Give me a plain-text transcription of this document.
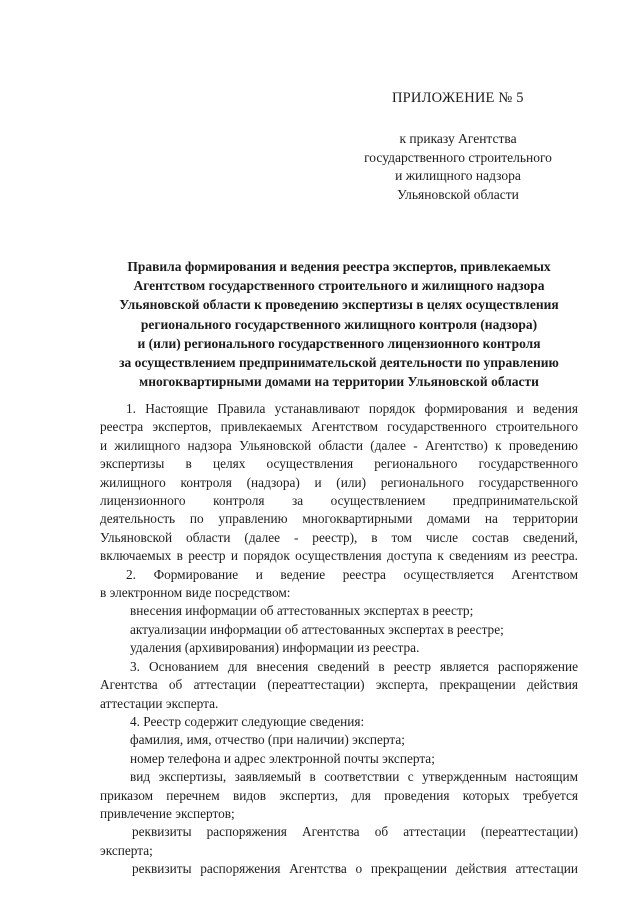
ПРИЛОЖЕНИЕ № 5
к приказу Агентства
государственного строительного
и жилищного надзора
Ульяновской области
Правила формирования и ведения реестра экспертов, привлекаемых
Агентством государственного строительного и жилищного надзора
Ульяновской области к проведению экспертизы в целях осуществления
регионального государственного жилищного контроля (надзора)
и (или) регионального государственного лицензионного контроля
за осуществлением предпринимательской деятельности по управлению
многоквартирными домами на территории Ульяновской области

1. Настоящие Правила устанавливают порядок формирования и ведения
реестра экспертов, привлекаемых Агентством государственного строительного
и жилищного надзора Ульяновской области (далее - Агентство) к проведению
экспертизы в целях осуществления регионального государственного
жилищного контроля (надзора) и (или) регионального государственного
лицензионного контроля за осуществлением предпринимательской
деятельность по управлению многоквартирными домами на территории
Ульяновской области (далее - реестр), в том числе состав сведений,
включаемых в реестр и порядок осуществления доступа к сведениям из реестра.

2. Формирование и ведение реестра осуществляется Агентством
в электронном виде посредством:
внесения информации об аттестованных экспертах в реестр;
актуализации информации об аттестованных экспертах в реестре;
удаления (архивирования) информации из реестра.

3. Основанием для внесения сведений в реестр является распоряжение
Агентства об аттестации (переаттестации) эксперта, прекращении действия
аттестации эксперта.

4. Реестр содержит следующие сведения:
фамилия, имя, отчество (при наличии) эксперта;
номер телефона и адрес электронной почты эксперта;
вид экспертизы, заявляемый в соответствии с утвержденным настоящим
приказом перечнем видов экспертиз, для проведения которых требуется
привлечение экспертов;
реквизиты распоряжения Агентства об аттестации (переаттестации)
эксперта;
реквизиты распоряжения Агентства о прекращении действия аттестации
